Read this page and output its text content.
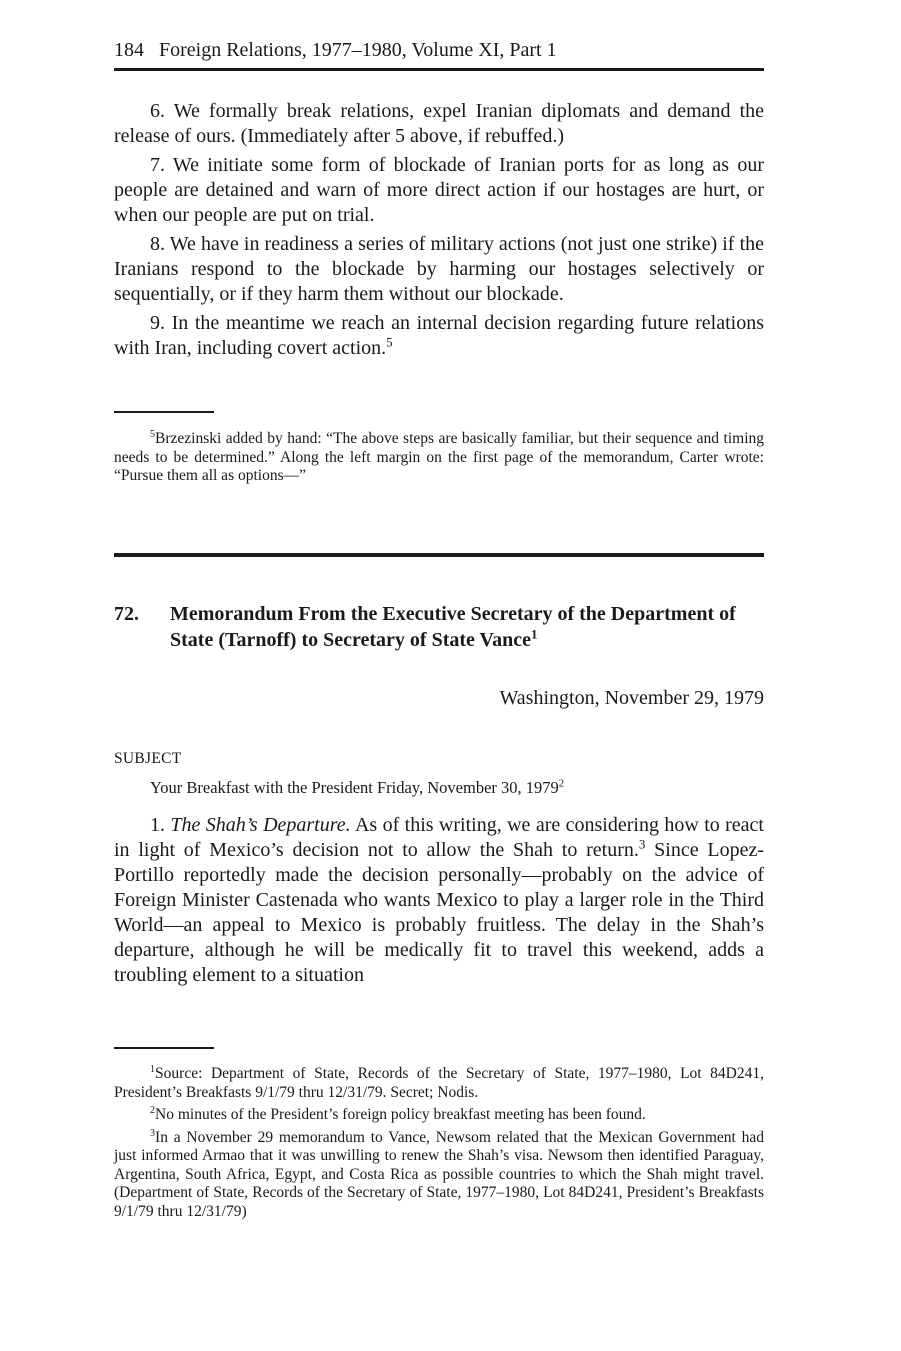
184 Foreign Relations, 1977–1980, Volume XI, Part 1

6. We formally break relations, expel Iranian diplomats and demand the release of ours. (Immediately after 5 above, if rebuffed.)

7. We initiate some form of blockade of Iranian ports for as long as our people are detained and warn of more direct action if our hostages are hurt, or when our people are put on trial.

8. We have in readiness a series of military actions (not just one strike) if the Iranians respond to the blockade by harming our hostages selectively or sequentially, or if they harm them without our blockade.

9. In the meantime we reach an internal decision regarding future relations with Iran, including covert action.$^5$

$^5$Brzezinski added by hand: “The above steps are basically familiar, but their sequence and timing needs to be determined.” Along the left margin on the first page of the memorandum, Carter wrote: “Pursue them all as options—”

72. Memorandum From the Executive Secretary of the Department of State (Tarnoff) to Secretary of State Vance$^1$
Washington, November 29, 1979
SUBJECT
Your Breakfast with the President Friday, November 30, 1979$^2$

1. The Shah’s Departure. As of this writing, we are considering how to react in light of Mexico’s decision not to allow the Shah to return.$^3$ Since Lopez-Portillo reportedly made the decision personally—probably on the advice of Foreign Minister Castenada who wants Mexico to play a larger role in the Third World—an appeal to Mexico is probably fruitless. The delay in the Shah’s departure, although he will be medically fit to travel this weekend, adds a troubling element to a situation

$^1$Source: Department of State, Records of the Secretary of State, 1977–1980, Lot 84D241, President’s Breakfasts 9/1/79 thru 12/31/79. Secret; Nodis.

$^2$No minutes of the President’s foreign policy breakfast meeting has been found.

$^3$In a November 29 memorandum to Vance, Newsom related that the Mexican Government had just informed Armao that it was unwilling to renew the Shah’s visa. Newsom then identified Paraguay, Argentina, South Africa, Egypt, and Costa Rica as possible countries to which the Shah might travel. (Department of State, Records of the Secretary of State, 1977–1980, Lot 84D241, President’s Breakfasts 9/1/79 thru 12/31/79)
